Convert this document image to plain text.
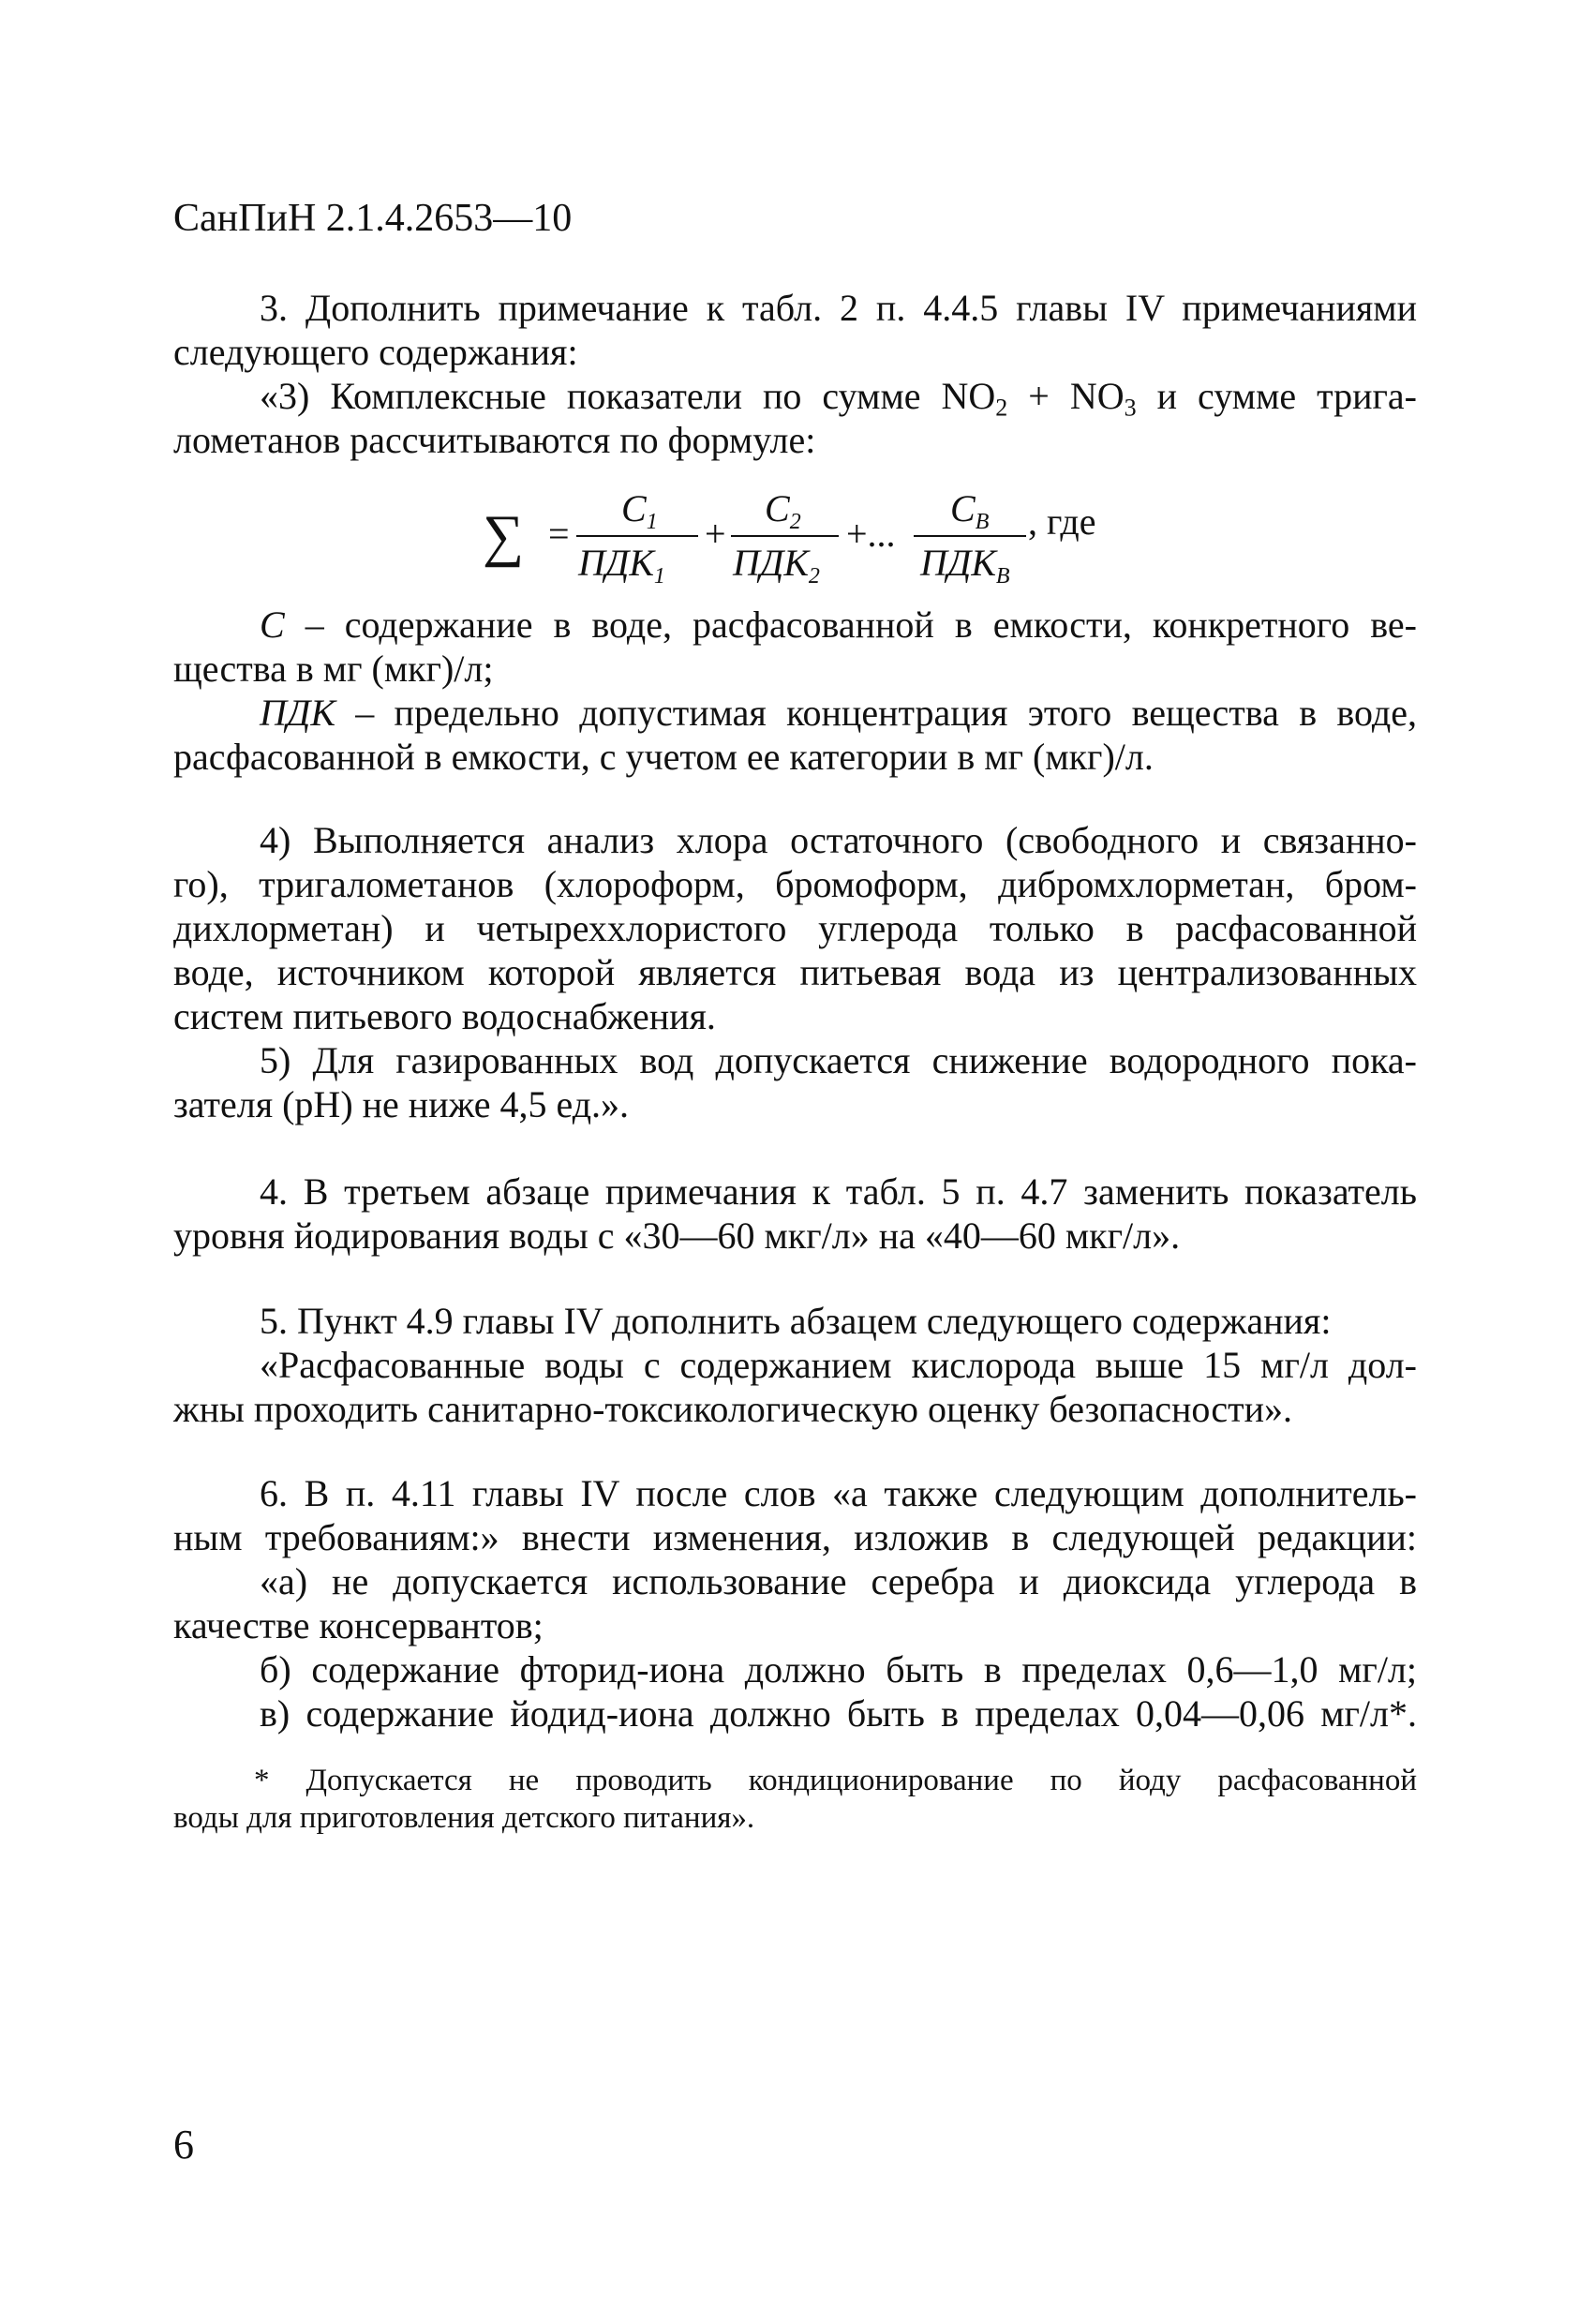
СанПиН 2.1.4.2653—10
3. Дополнить примечание к табл. 2 п. 4.4.5 главы IV примечаниями
следующего содержания:
«3) Комплексные показатели по сумме $NO_2 + NO_3$ и сумме трига-
лометанов рассчитываются по формуле:
∑ =
$C_1$
$ПДК_1$
+
$C_2$
$ПДК_2$
+...
$C_B$
$ПДК_B$
, где
С – содержание в воде, расфасованной в емкости, конкретного ве-
щества в мг (мкг)/л;
ПДК – предельно допустимая концентрация этого вещества в воде,
расфасованной в емкости, с учетом ее категории в мг (мкг)/л.
4) Выполняется анализ хлора остаточного (свободного и связанно-
го), тригалометанов (хлороформ, бромоформ, дибромхлорметан, бром-
дихлорметан) и четыреххлористого углерода только в расфасованной
воде, источником которой является питьевая вода из централизованных
систем питьевого водоснабжения.
5) Для газированных вод допускается снижение водородного пока-
зателя (рН) не ниже 4,5 ед.».
4. В третьем абзаце примечания к табл. 5 п. 4.7 заменить показатель
уровня йодирования воды с «30—60 мкг/л» на «40—60 мкг/л».
5. Пункт 4.9 главы IV дополнить абзацем следующего содержания:
«Расфасованные воды с содержанием кислорода выше 15 мг/л дол-
жны проходить санитарно-токсикологическую оценку безопасности».
6. В п. 4.11 главы IV после слов «а также следующим дополнитель-
ным требованиям:» внести изменения, изложив в следующей редакции:
«а) не допускается использование серебра и диоксида углерода в
качестве консервантов;
б) содержание фторид-иона должно быть в пределах 0,6—1,0 мг/л;
в) содержание йодид-иона должно быть в пределах 0,04—0,06 мг/л*.
* Допускается не проводить кондиционирование по йоду расфасованной
воды для приготовления детского питания».
6
